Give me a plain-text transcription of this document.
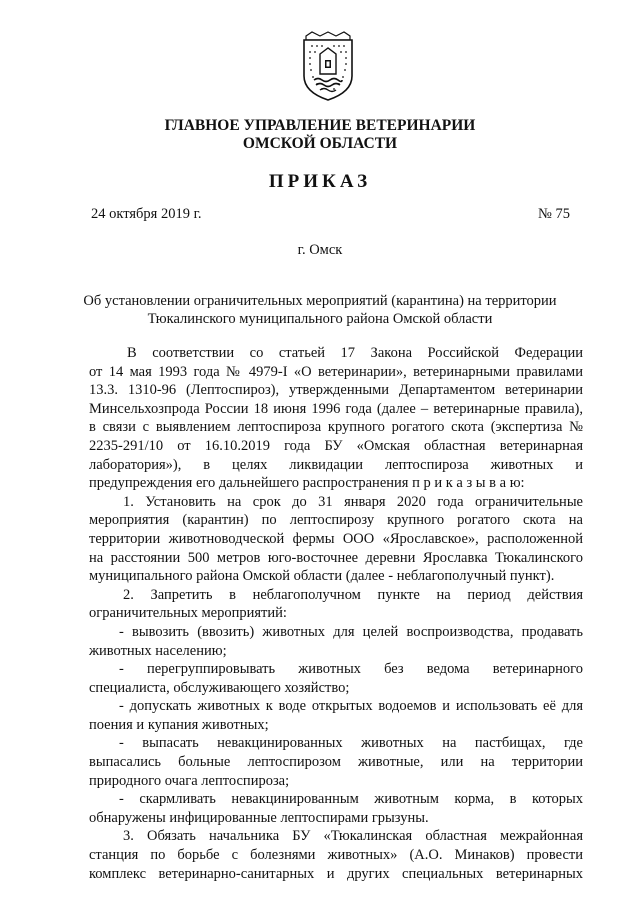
ГЛАВНОЕ УПРАВЛЕНИЕ ВЕТЕРИНАРИИ
ОМСКОЙ ОБЛАСТИ
ПРИКАЗ
24 октября 2019 г.	№ 75
г. Омск
Об установлении ограничительных мероприятий (карантина) на территории
Тюкалинского муниципального района Омской области
В соответствии со статьей 17 Закона Российской Федерации
от 14 мая 1993 года № 4979-I «О ветеринарии», ветеринарными правилами
13.3. 1310-96 (Лептоспироз), утвержденными Департаментом ветеринарии
Минсельхозпрода России 18 июня 1996 года (далее – ветеринарные правила),
в связи с выявлением лептоспироза крупного рогатого скота (экспертиза №
2235-291/10 от 16.10.2019 года БУ «Омская областная ветеринарная
лаборатория»), в целях ликвидации лептоспироза животных и
предупреждения его дальнейшего распространения п р и к а з ы в а ю:
1. Установить на срок до 31 января 2020 года ограничительные
мероприятия (карантин) по лептоспирозу крупного рогатого скота на
территории животноводческой фермы ООО «Ярославское», расположенной
на расстоянии 500 метров юго-восточнее деревни Ярославка Тюкалинского
муниципального района Омской области (далее - неблагополучный пункт).
2. Запретить в неблагополучном пункте на период действия
ограничительных мероприятий:
- вывозить (ввозить) животных для целей воспроизводства, продавать
животных населению;
- перегруппировывать животных без ведома ветеринарного
специалиста, обслуживающего хозяйство;
- допускать животных к воде открытых водоемов и использовать её для
поения и купания животных;
- выпасать невакцинированных животных на пастбищах, где
выпасались больные лептоспирозом животные, или на территории
природного очага лептоспироза;
- скармливать невакцинированным животным корма, в которых
обнаружены инфицированные лептоспирами грызуны.
3. Обязать начальника БУ «Тюкалинская областная межрайонная
станция по борьбе с болезнями животных» (А.О. Минаков) провести
комплекс ветеринарно-санитарных и других специальных ветеринарных
